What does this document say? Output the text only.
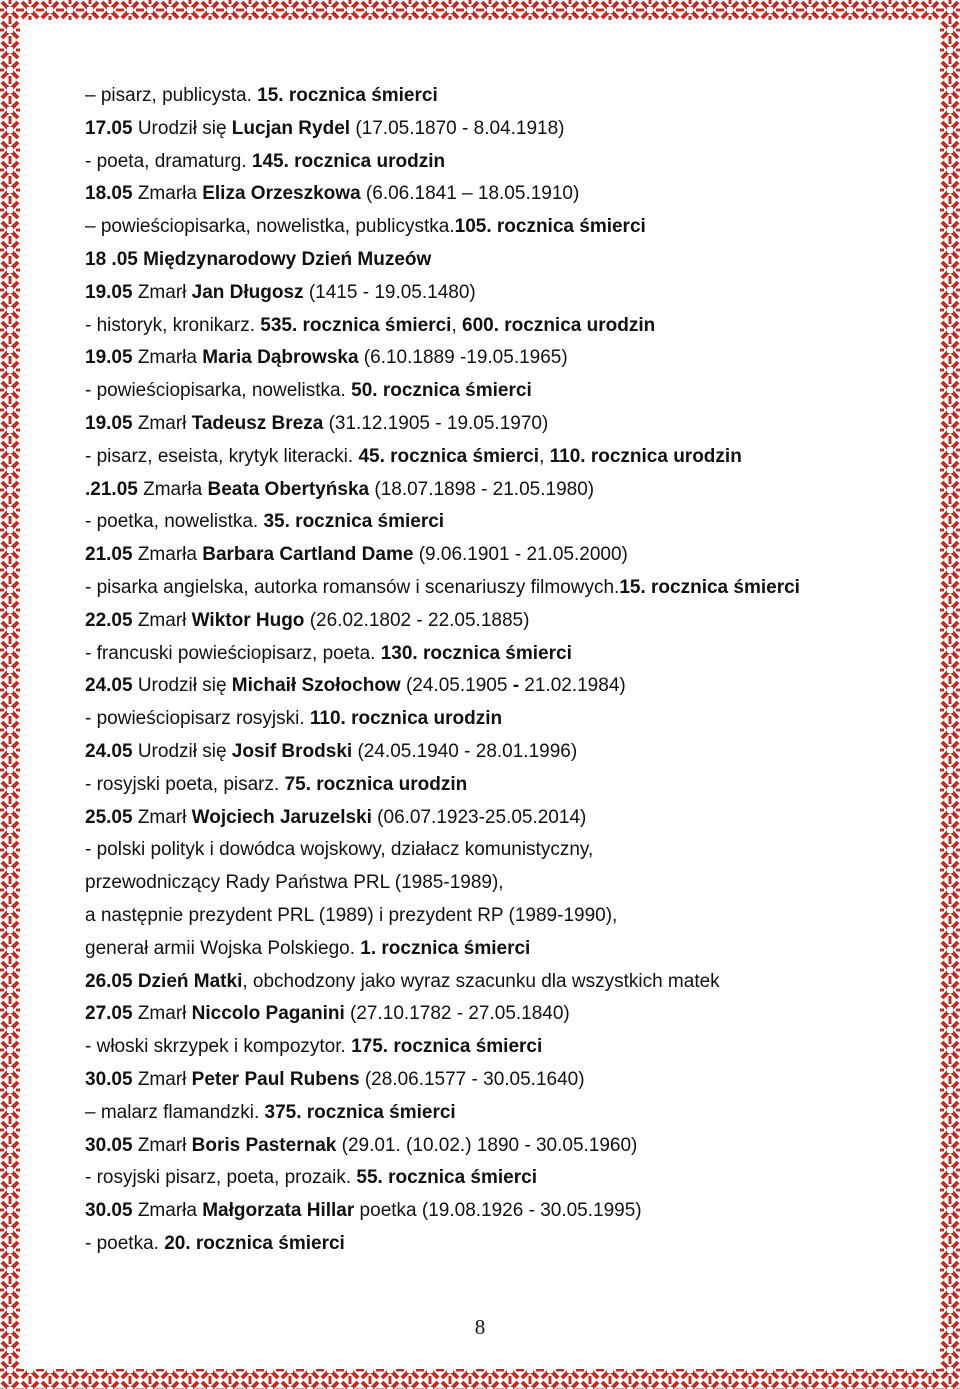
– pisarz, publicysta. 15. rocznica śmierci
17.05 Urodził się Lucjan Rydel (17.05.1870 - 8.04.1918)
- poeta, dramaturg. 145. rocznica urodzin
18.05 Zmarła Eliza Orzeszkowa (6.06.1841 – 18.05.1910)
– powieściopisarka, nowelistka, publicystka.105. rocznica śmierci
18 .05 Międzynarodowy Dzień Muzeów
19.05 Zmarł Jan Długosz (1415 - 19.05.1480)
- historyk, kronikarz. 535. rocznica śmierci, 600. rocznica urodzin
19.05 Zmarła Maria Dąbrowska (6.10.1889 -19.05.1965)
- powieściopisarka, nowelistka. 50. rocznica śmierci
19.05 Zmarł Tadeusz Breza (31.12.1905 - 19.05.1970)
- pisarz, eseista, krytyk literacki. 45. rocznica śmierci, 110. rocznica urodzin
.21.05 Zmarła Beata Obertyńska (18.07.1898 - 21.05.1980)
- poetka, nowelistka. 35. rocznica śmierci
21.05 Zmarła Barbara Cartland Dame (9.06.1901 - 21.05.2000)
- pisarka angielska, autorka romansów i scenariuszy filmowych.15. rocznica śmierci
22.05 Zmarł Wiktor Hugo (26.02.1802 - 22.05.1885)
- francuski powieściopisarz, poeta. 130. rocznica śmierci
24.05 Urodził się Michaił Szołochow (24.05.1905 - 21.02.1984)
- powieściopisarz rosyjski. 110. rocznica urodzin
24.05 Urodził się Josif Brodski (24.05.1940 - 28.01.1996)
- rosyjski poeta, pisarz. 75. rocznica urodzin
25.05 Zmarł Wojciech Jaruzelski (06.07.1923-25.05.2014)
- polski polityk i dowódca wojskowy, działacz komunistyczny,
przewodniczący Rady Państwa PRL (1985-1989),
a następnie prezydent PRL (1989) i prezydent RP (1989-1990),
generał armii Wojska Polskiego. 1. rocznica śmierci
26.05 Dzień Matki, obchodzony jako wyraz szacunku dla wszystkich matek
27.05 Zmarł Niccolo Paganini (27.10.1782 - 27.05.1840)
- włoski skrzypek i kompozytor. 175. rocznica śmierci
30.05 Zmarł Peter Paul Rubens (28.06.1577 - 30.05.1640)
– malarz flamandzki. 375. rocznica śmierci
30.05 Zmarł Boris Pasternak (29.01. (10.02.) 1890 - 30.05.1960)
- rosyjski pisarz, poeta, prozaik. 55. rocznica śmierci
30.05 Zmarła Małgorzata Hillar poetka (19.08.1926 - 30.05.1995)
- poetka. 20. rocznica śmierci
8
